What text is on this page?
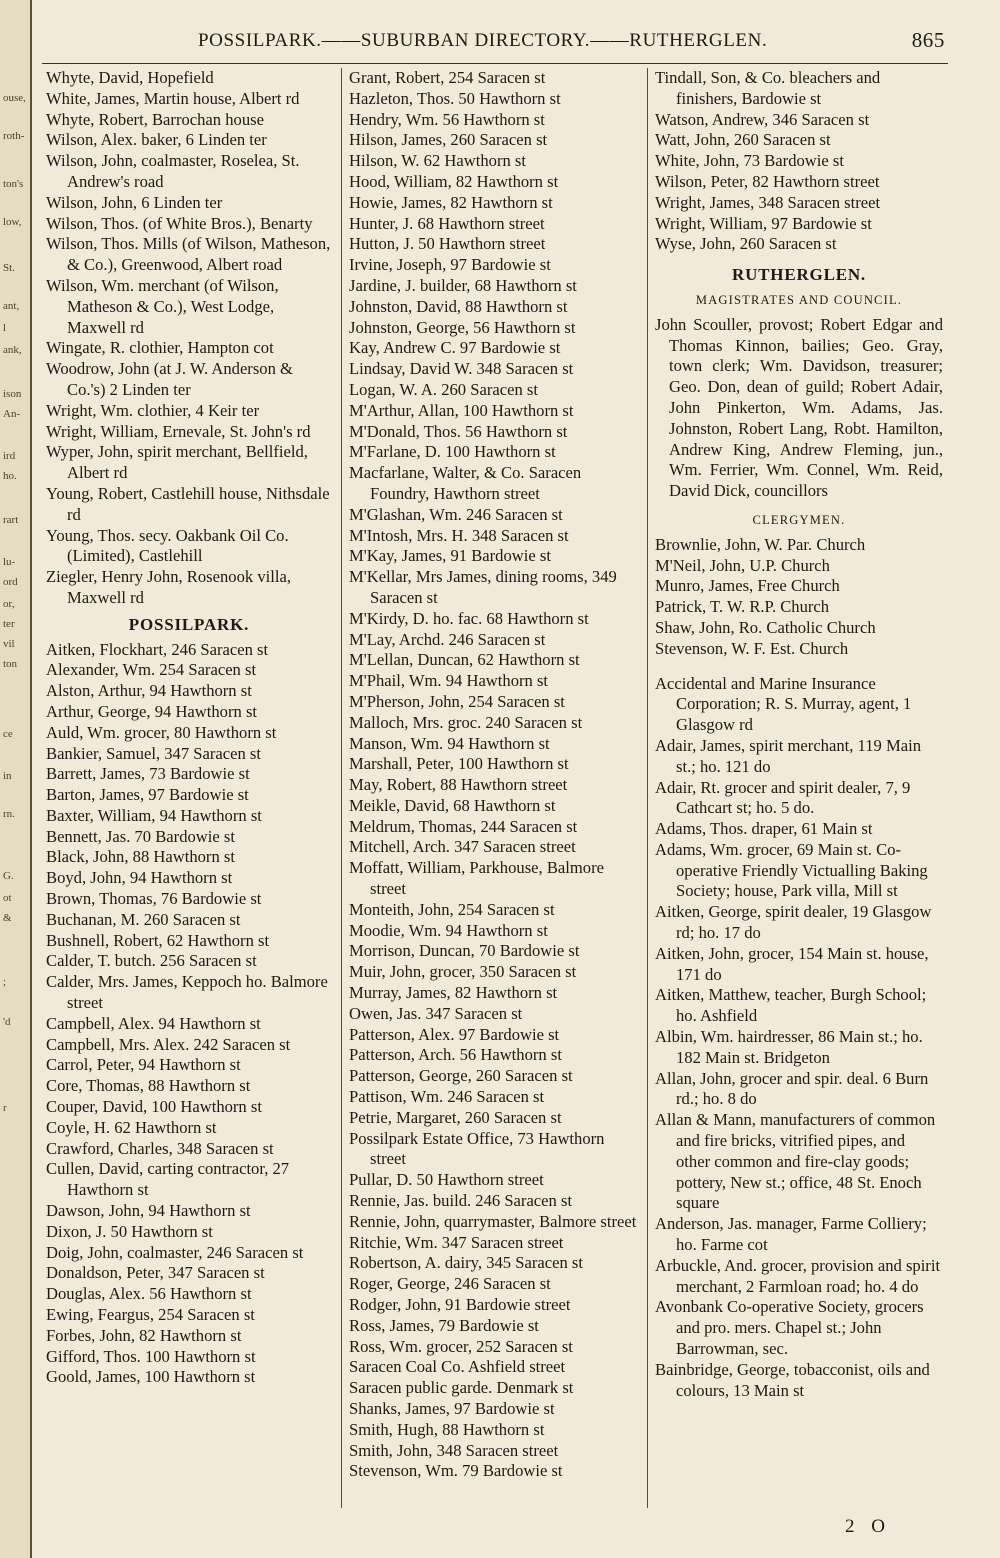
ouse,
roth-
ton's
low,
St.
ant,
l
ank,
ison
An-
ird
ho.
rart
lu-
ord
or,
ter
vil
ton
ce
in
rn.
G.
ot
&
;
'd
r
POSSILPARK.——SUBURBAN DIRECTORY.——RUTHERGLEN.	865
Whyte, David, Hopefield
White, James, Martin house, Albert rd
Whyte, Robert, Barrochan house
Wilson, Alex. baker, 6 Linden ter
Wilson, John, coalmaster, Roselea, St. Andrew's road
Wilson, John, 6 Linden ter
Wilson, Thos. (of White Bros.), Benarty
Wilson, Thos. Mills (of Wilson, Matheson, & Co.), Greenwood, Albert road
Wilson, Wm. merchant (of Wilson, Matheson & Co.), West Lodge, Maxwell rd
Wingate, R. clothier, Hampton cot
Woodrow, John (at J. W. Anderson & Co.'s) 2 Linden ter
Wright, Wm. clothier, 4 Keir ter
Wright, William, Ernevale, St. John's rd
Wyper, John, spirit merchant, Bellfield, Albert rd
Young, Robert, Castlehill house, Nithsdale rd
Young, Thos. secy. Oakbank Oil Co. (Limited), Castlehill
Ziegler, Henry John, Rosenook villa, Maxwell rd
POSSILPARK.
Aitken, Flockhart, 246 Saracen st
Alexander, Wm. 254 Saracen st
Alston, Arthur, 94 Hawthorn st
Arthur, George, 94 Hawthorn st
Auld, Wm. grocer, 80 Hawthorn st
Bankier, Samuel, 347 Saracen st
Barrett, James, 73 Bardowie st
Barton, James, 97 Bardowie st
Baxter, William, 94 Hawthorn st
Bennett, Jas. 70 Bardowie st
Black, John, 88 Hawthorn st
Boyd, John, 94 Hawthorn st
Brown, Thomas, 76 Bardowie st
Buchanan, M. 260 Saracen st
Bushnell, Robert, 62 Hawthorn st
Calder, T. butch. 256 Saracen st
Calder, Mrs. James, Keppoch ho. Balmore street
Campbell, Alex. 94 Hawthorn st
Campbell, Mrs. Alex. 242 Saracen st
Carrol, Peter, 94 Hawthorn st
Core, Thomas, 88 Hawthorn st
Couper, David, 100 Hawthorn st
Coyle, H. 62 Hawthorn st
Crawford, Charles, 348 Saracen st
Cullen, David, carting contractor, 27 Hawthorn st
Dawson, John, 94 Hawthorn st
Dixon, J. 50 Hawthorn st
Doig, John, coalmaster, 246 Saracen st
Donaldson, Peter, 347 Saracen st
Douglas, Alex. 56 Hawthorn st
Ewing, Feargus, 254 Saracen st
Forbes, John, 82 Hawthorn st
Gifford, Thos. 100 Hawthorn st
Goold, James, 100 Hawthorn st
Grant, Robert, 254 Saracen st
Hazleton, Thos. 50 Hawthorn st
Hendry, Wm. 56 Hawthorn st
Hilson, James, 260 Saracen st
Hilson, W. 62 Hawthorn st
Hood, William, 82 Hawthorn st
Howie, James, 82 Hawthorn st
Hunter, J. 68 Hawthorn street
Hutton, J. 50 Hawthorn street
Irvine, Joseph, 97 Bardowie st
Jardine, J. builder, 68 Hawthorn st
Johnston, David, 88 Hawthorn st
Johnston, George, 56 Hawthorn st
Kay, Andrew C. 97 Bardowie st
Lindsay, David W. 348 Saracen st
Logan, W. A. 260 Saracen st
M'Arthur, Allan, 100 Hawthorn st
M'Donald, Thos. 56 Hawthorn st
M'Farlane, D. 100 Hawthorn st
Macfarlane, Walter, & Co. Saracen Foundry, Hawthorn street
M'Glashan, Wm. 246 Saracen st
M'Intosh, Mrs. H. 348 Saracen st
M'Kay, James, 91 Bardowie st
M'Kellar, Mrs James, dining rooms, 349 Saracen st
M'Kirdy, D. ho. fac. 68 Hawthorn st
M'Lay, Archd. 246 Saracen st
M'Lellan, Duncan, 62 Hawthorn st
M'Phail, Wm. 94 Hawthorn st
M'Pherson, John, 254 Saracen st
Malloch, Mrs. groc. 240 Saracen st
Manson, Wm. 94 Hawthorn st
Marshall, Peter, 100 Hawthorn st
May, Robert, 88 Hawthorn street
Meikle, David, 68 Hawthorn st
Meldrum, Thomas, 244 Saracen st
Mitchell, Arch. 347 Saracen street
Moffatt, William, Parkhouse, Balmore street
Monteith, John, 254 Saracen st
Moodie, Wm. 94 Hawthorn st
Morrison, Duncan, 70 Bardowie st
Muir, John, grocer, 350 Saracen st
Murray, James, 82 Hawthorn st
Owen, Jas. 347 Saracen st
Patterson, Alex. 97 Bardowie st
Patterson, Arch. 56 Hawthorn st
Patterson, George, 260 Saracen st
Pattison, Wm. 246 Saracen st
Petrie, Margaret, 260 Saracen st
Possilpark Estate Office, 73 Hawthorn street
Pullar, D. 50 Hawthorn street
Rennie, Jas. build. 246 Saracen st
Rennie, John, quarrymaster, Balmore street
Ritchie, Wm. 347 Saracen street
Robertson, A. dairy, 345 Saracen st
Roger, George, 246 Saracen st
Rodger, John, 91 Bardowie street
Ross, James, 79 Bardowie st
Ross, Wm. grocer, 252 Saracen st
Saracen Coal Co. Ashfield street
Saracen public garde. Denmark st
Shanks, James, 97 Bardowie st
Smith, Hugh, 88 Hawthorn st
Smith, John, 348 Saracen street
Stevenson, Wm. 79 Bardowie st
Tindall, Son, & Co. bleachers and finishers, Bardowie st
Watson, Andrew, 346 Saracen st
Watt, John, 260 Saracen st
White, John, 73 Bardowie st
Wilson, Peter, 82 Hawthorn street
Wright, James, 348 Saracen street
Wright, William, 97 Bardowie st
Wyse, John, 260 Saracen st
RUTHERGLEN.
MAGISTRATES AND COUNCIL.
John Scouller, provost; Robert Edgar and Thomas Kinnon, bailies; Geo. Gray, town clerk; Wm. Davidson, treasurer; Geo. Don, dean of guild; Robert Adair, John Pinkerton, Wm. Adams, Jas. Johnston, Robert Lang, Robt. Hamilton, Andrew King, Andrew Fleming, jun., Wm. Ferrier, Wm. Connel, Wm. Reid, David Dick, councillors
CLERGYMEN.
Brownlie, John, W. Par. Church
M'Neil, John, U.P. Church
Munro, James, Free Church
Patrick, T. W. R.P. Church
Shaw, John, Ro. Catholic Church
Stevenson, W. F. Est. Church
Accidental and Marine Insurance Corporation; R. S. Murray, agent, 1 Glasgow rd
Adair, James, spirit merchant, 119 Main st.; ho. 121 do
Adair, Rt. grocer and spirit dealer, 7, 9 Cathcart st; ho. 5 do.
Adams, Thos. draper, 61 Main st
Adams, Wm. grocer, 69 Main st. Co-operative Friendly Victualling Baking Society; house, Park villa, Mill st
Aitken, George, spirit dealer, 19 Glasgow rd; ho. 17 do
Aitken, John, grocer, 154 Main st. house, 171 do
Aitken, Matthew, teacher, Burgh School; ho. Ashfield
Albin, Wm. hairdresser, 86 Main st.; ho. 182 Main st. Bridgeton
Allan, John, grocer and spir. deal. 6 Burn rd.; ho. 8 do
Allan & Mann, manufacturers of common and fire bricks, vitrified pipes, and other common and fire-clay goods; pottery, New st.; office, 48 St. Enoch square
Anderson, Jas. manager, Farme Colliery; ho. Farme cot
Arbuckle, And. grocer, provision and spirit merchant, 2 Farmloan road; ho. 4 do
Avonbank Co-operative Society, grocers and pro. mers. Chapel st.; John Barrowman, sec.
Bainbridge, George, tobacconist, oils and colours, 13 Main st
2 O
